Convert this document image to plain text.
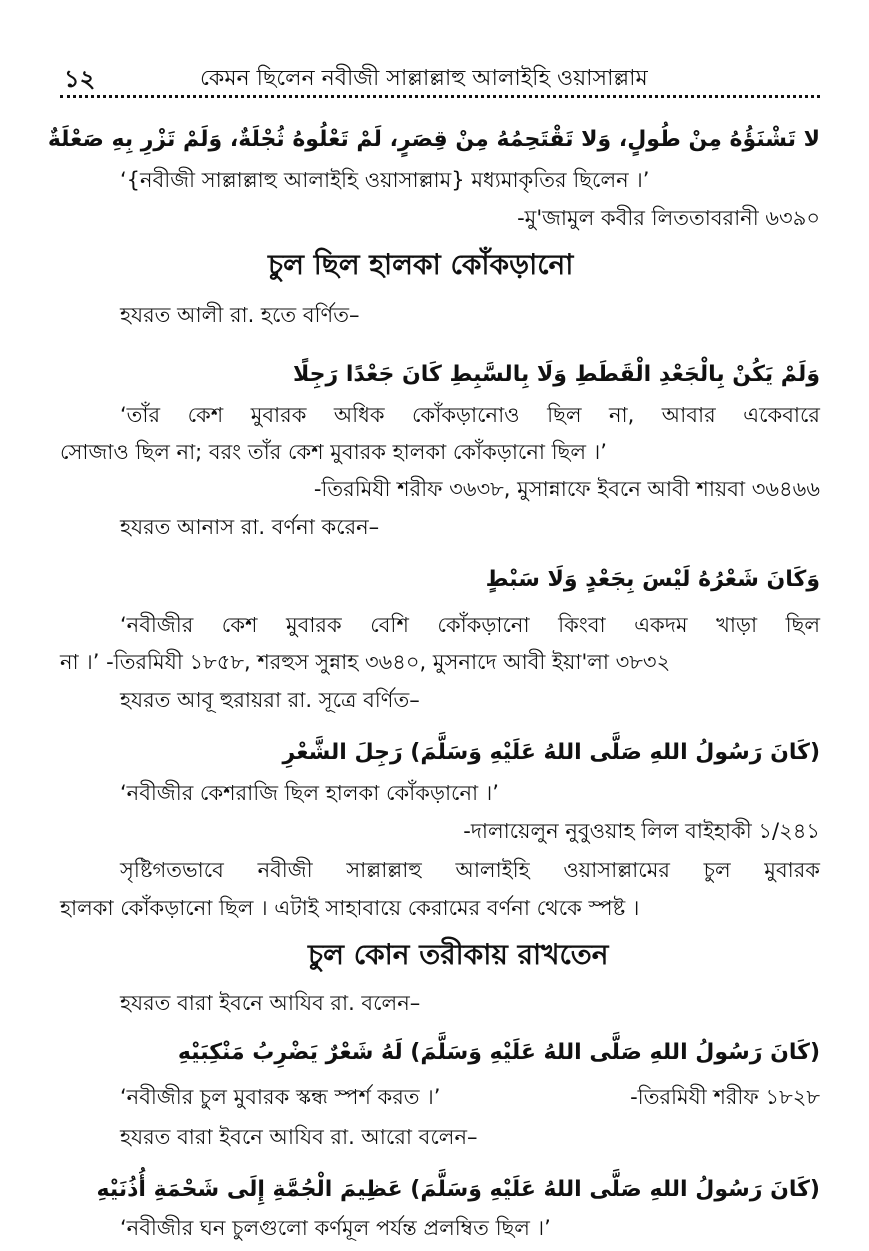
১২	কেমন ছিলেন নবীজী সাল্লাল্লাহু আলাইহি ওয়াসাল্লাম
لا تَشْنَؤُهُ مِنْ طُولٍ، وَلا تَقْتَحِمُهُ مِنْ قِصَرٍ، لَمْ تَعْلُوهُ ثُجْلَةٌ، وَلَمْ تَزْرِ بِهِ صَعْلَةٌ
‘{নবীজী সাল্লাল্লাহু আলাইহি ওয়াসাল্লাম} মধ্যমাকৃতির ছিলেন ।’
-মু'জামুল কবীর লিততাবরানী ৬৩৯০
চুল ছিল হালকা কোঁকড়ানো
হযরত আলী রা. হতে বর্ণিত–
وَلَمْ يَكُنْ بِالْجَعْدِ الْقَطَطِ وَلَا بِالسَّبِطِ كَانَ جَعْدًا رَجِلًا
‘তাঁর কেশ মুবারক অধিক কোঁকড়ানোও ছিল না, আবার একেবারে
সোজাও ছিল না; বরং তাঁর কেশ মুবারক হালকা কোঁকড়ানো ছিল ।’
-তিরমিযী শরীফ ৩৬৩৮, মুসান্নাফে ইবনে আবী শায়বা ৩৬৪৬৬
হযরত আনাস রা. বর্ণনা করেন–
وَكَانَ شَعْرُهُ لَيْسَ بِجَعْدٍ وَلَا سَبْطٍ
‘নবীজীর কেশ মুবারক বেশি কোঁকড়ানো কিংবা একদম খাড়া ছিল
না ।’ -তিরমিযী ১৮৫৮, শরহুস সুন্নাহ ৩৬৪০, মুসনাদে আবী ইয়া'লা ৩৮৩২
হযরত আবূ হুরায়রা রা. সূত্রে বর্ণিত–
(كَانَ رَسُولُ اللهِ صَلَّى اللهُ عَلَيْهِ وَسَلَّمَ) رَجِلَ الشَّعْرِ
‘নবীজীর কেশরাজি ছিল হালকা কোঁকড়ানো ।’
-দালায়েলুন নুবুওয়াহ লিল বাইহাকী ১/২৪১
সৃষ্টিগতভাবে নবীজী সাল্লাল্লাহু আলাইহি ওয়াসাল্লামের চুল মুবারক
হালকা কোঁকড়ানো ছিল । এটাই সাহাবায়ে কেরামের বর্ণনা থেকে স্পষ্ট ।
চুল কোন তরীকায় রাখতেন
হযরত বারা ইবনে আযিব রা. বলেন–
(كَانَ رَسُولُ اللهِ صَلَّى اللهُ عَلَيْهِ وَسَلَّمَ) لَهُ شَعْرٌ يَضْرِبُ مَنْكِبَيْهِ
‘নবীজীর চুল মুবারক স্কন্ধ স্পর্শ করত ।’	-তিরমিযী শরীফ ১৮২৮
হযরত বারা ইবনে আযিব রা. আরো বলেন–
(كَانَ رَسُولُ اللهِ صَلَّى اللهُ عَلَيْهِ وَسَلَّمَ) عَظِيمَ الْجُمَّةِ إِلَى شَحْمَةِ أُذُنَيْهِ
‘নবীজীর ঘন চুলগুলো কর্ণমূল পর্যন্ত প্রলম্বিত ছিল ।’
